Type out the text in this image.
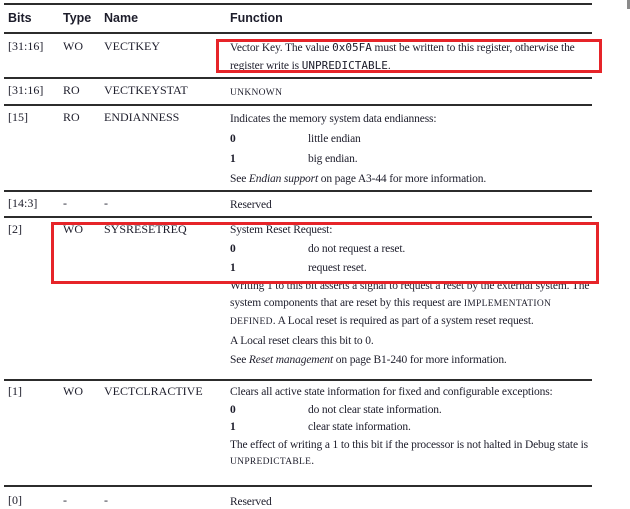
Bits	Type	Name	Function
[31:16]	WO	VECTKEY	Vector Key. The value 0x05FA must be written to this register, otherwise the register write is UNPREDICTABLE.

[31:16]	RO	VECTKEYSTAT	UNKNOWN

[15]	RO	ENDIANNESS	Indicates the memory system data endianness:

0	little endian
1	big endian.

See Endian support on page A3-44 for more information.

[14:3]	-	-	Reserved

[2]	WO	SYSRESETREQ	System Reset Request:

0	do not request a reset.
1	request reset.

Writing 1 to this bit asserts a signal to request a reset by the external system. The system components that are reset by this request are IMPLEMENTATION DEFINED. A Local reset is required as part of a system reset request.

A Local reset clears this bit to 0.

See Reset management on page B1-240 for more information.

[1]	WO	VECTCLRACTIVE	Clears all active state information for fixed and configurable exceptions:

0	do not clear state information.
1	clear state information.

The effect of writing a 1 to this bit if the processor is not halted in Debug state is UNPREDICTABLE.

[0]	-	-	Reserved
